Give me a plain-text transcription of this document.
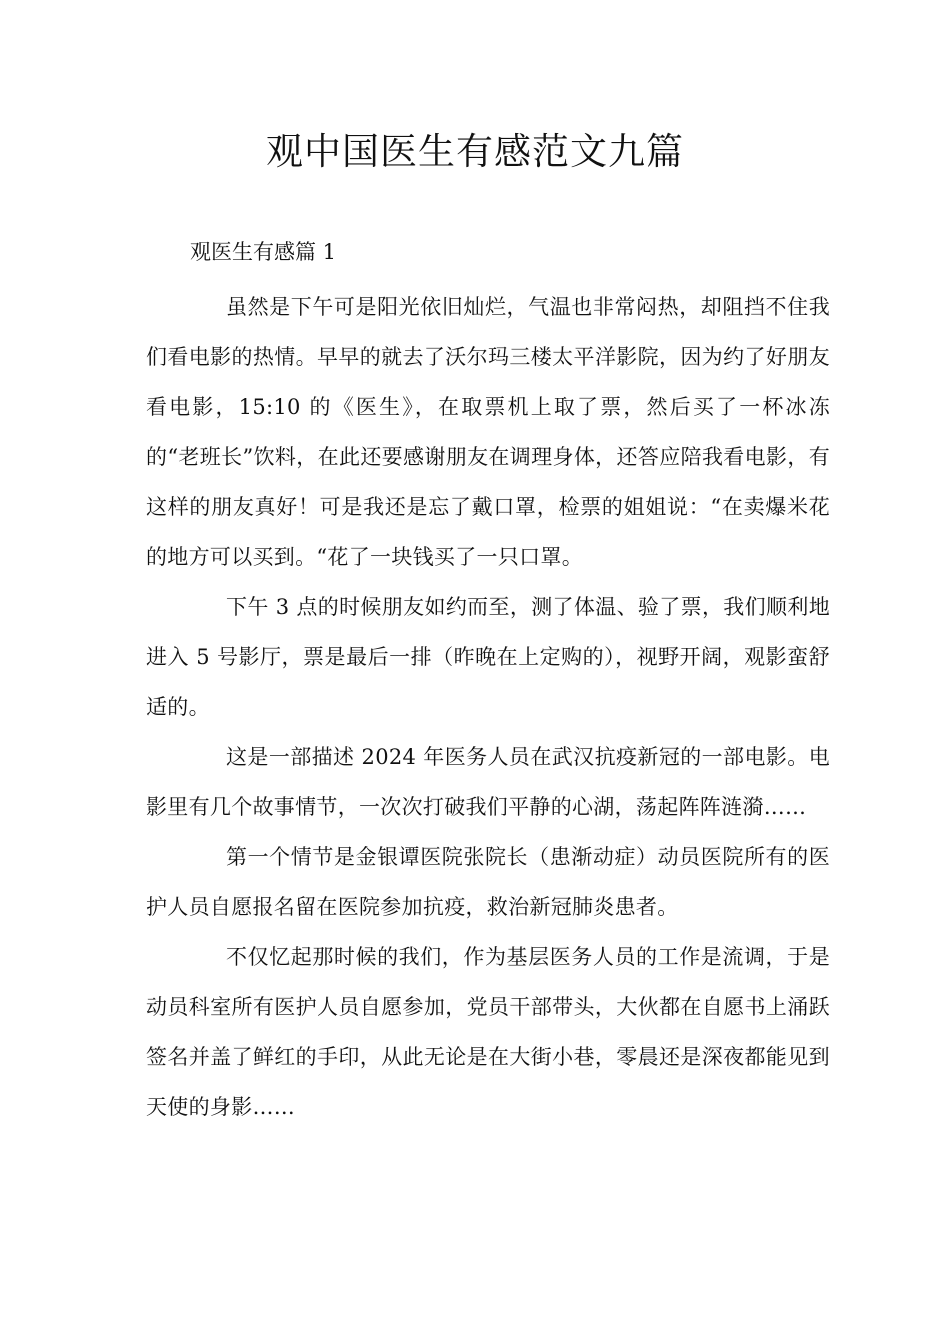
观中国医生有感范文九篇
观医生有感篇 1

虽然是下午可是阳光依旧灿烂，气温也非常闷热，却阻挡不住我们看电影的热情。早早的就去了沃尔玛三楼太平洋影院，因为约了好朋友看电影，15:10 的《医生》，在取票机上取了票，然后买了一杯冰冻的“老班长”饮料，在此还要感谢朋友在调理身体，还答应陪我看电影，有这样的朋友真好！可是我还是忘了戴口罩，检票的姐姐说：“在卖爆米花的地方可以买到。“花了一块钱买了一只口罩。

下午 3 点的时候朋友如约而至，测了体温、验了票，我们顺利地进入 5 号影厅，票是最后一排（昨晚在上定购的），视野开阔，观影蛮舒适的。

这是一部描述 2024 年医务人员在武汉抗疫新冠的一部电影。电影里有几个故事情节，一次次打破我们平静的心湖，荡起阵阵涟漪……

第一个情节是金银谭医院张院长（患渐动症）动员医院所有的医护人员自愿报名留在医院参加抗疫，救治新冠肺炎患者。

不仅忆起那时候的我们，作为基层医务人员的工作是流调，于是动员科室所有医护人员自愿参加，党员干部带头，大伙都在自愿书上涌跃签名并盖了鲜红的手印，从此无论是在大街小巷，零晨还是深夜都能见到天使的身影……
